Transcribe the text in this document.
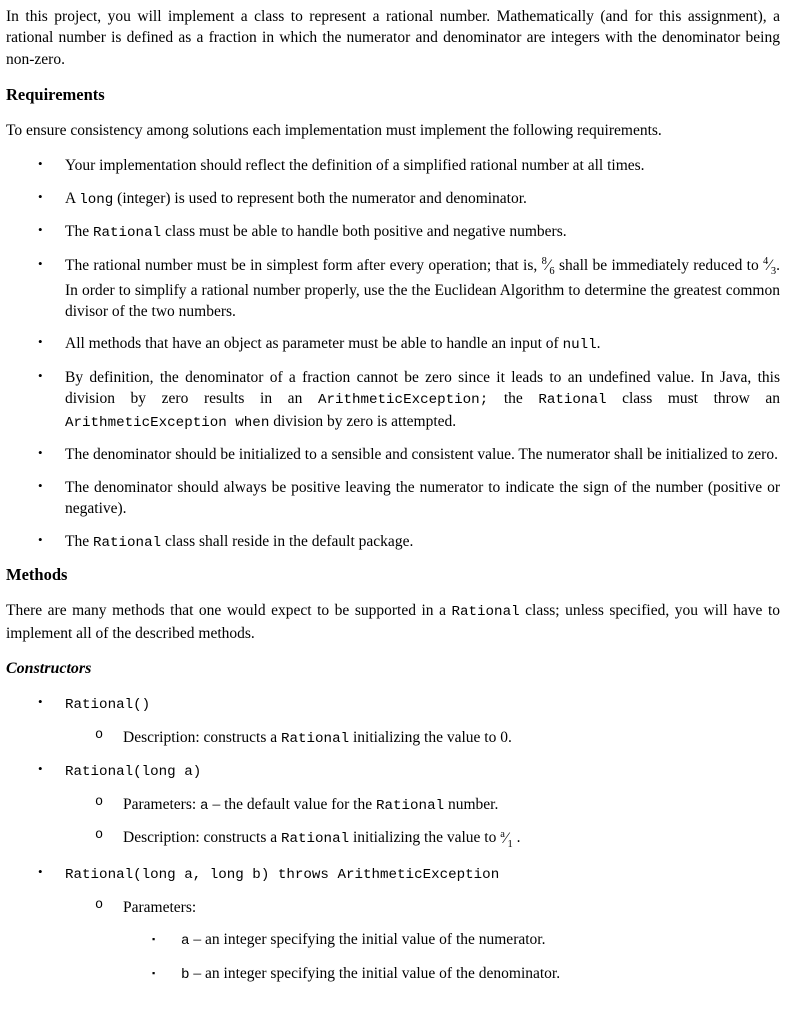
In this project, you will implement a class to represent a rational number. Mathematically (and for this assignment), a rational number is defined as a fraction in which the numerator and denominator are integers with the denominator being non-zero.

Requirements

To ensure consistency among solutions each implementation must implement the following requirements.

•	Your implementation should reflect the definition of a simplified rational number at all times.
•	A long (integer) is used to represent both the numerator and denominator.
•	The Rational class must be able to handle both positive and negative numbers.
•	The rational number must be in simplest form after every operation; that is, $^8⁄_6$ shall be immediately reduced to $^4⁄_3$. In order to simplify a rational number properly, use the the Euclidean Algorithm to determine the greatest common divisor of the two numbers.
•	All methods that have an object as parameter must be able to handle an input of null.
•	By definition, the denominator of a fraction cannot be zero since it leads to an undefined value. In Java, this division by zero results in an ArithmeticException; the Rational class must throw an ArithmeticException when division by zero is attempted.
•	The denominator should be initialized to a sensible and consistent value. The numerator shall be initialized to zero.
•	The denominator should always be positive leaving the numerator to indicate the sign of the number (positive or negative).
•	The Rational class shall reside in the default package.
Methods

There are many methods that one would expect to be supported in a Rational class; unless specified, you will have to implement all of the described methods.

Constructors
•	Rational()
o	Description: constructs a Rational initializing the value to 0.
•	Rational(long a)
o	Parameters: a – the default value for the Rational number.
o	Description: constructs a Rational initializing the value to $^a⁄_1$ .
•	Rational(long a, long b) throws ArithmeticException
o	Parameters:
▪	a – an integer specifying the initial value of the numerator.
▪	b – an integer specifying the initial value of the denominator.
